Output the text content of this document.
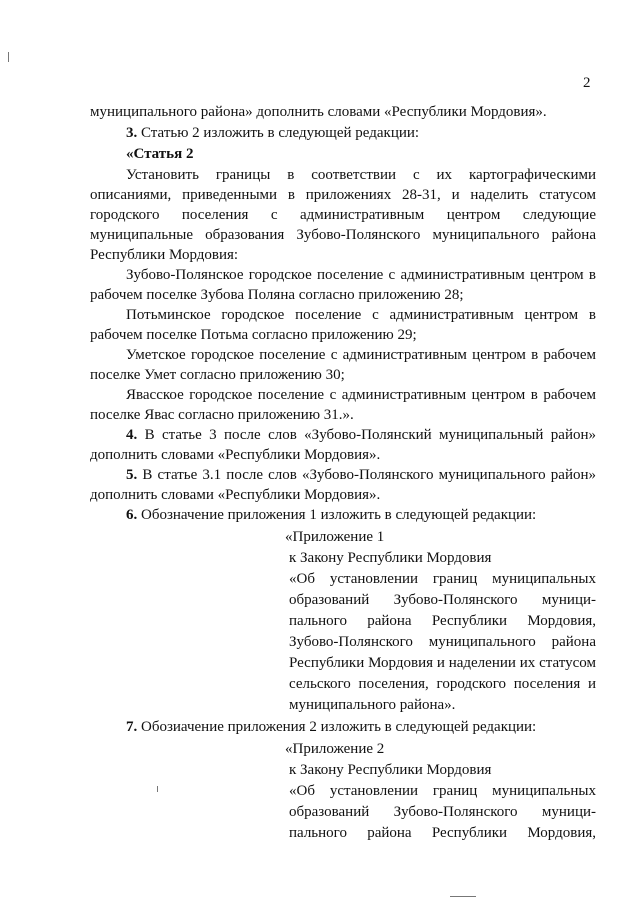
2
муниципального района» дополнить словами «Республики Мордовия».
3. Статью 2 изложить в следующей редакции:
«Статья 2
Установить границы в соответствии с их картографическими
описаниями, приведенными в приложениях 28-31, и наделить статусом
городского поселения с административным центром следующие
муниципальные образования Зубово-Полянского муниципального района
Республики Мордовия:
Зубово-Полянское городское поселение с административным центром в
рабочем поселке Зубова Поляна согласно приложению 28;
Потьминское городское поселение с административным центром в
рабочем поселке Потьма согласно приложению 29;
Уметское городское поселение с административным центром в рабочем
поселке Умет согласно приложению 30;
Явасское городское поселение с административным центром в рабочем
поселке Явас согласно приложению 31.».
4. В статье 3 после слов «Зубово-Полянский муниципальный район»
дополнить словами «Республики Мордовия».
5. В статье 3.1 после слов «Зубово-Полянского муниципального район»
дополнить словами «Республики Мордовия».
6. Обозначение приложения 1 изложить в следующей редакции:
«Приложение 1
к Закону Республики Мордовия
«Об установлении границ муниципальных
образований Зубово-Полянского муници-
пального района Республики Мордовия,
Зубово-Полянского муниципального района
Республики Мордовия и наделении их статусом
сельского поселения, городского поселения и
муниципального района».
7. Обозиачение приложения 2 изложить в следующей редакции:
«Приложение 2
к Закону Республики Мордовия
«Об установлении границ муниципальных
образований Зубово-Полянского муници-
пального района Республики Мордовия,
